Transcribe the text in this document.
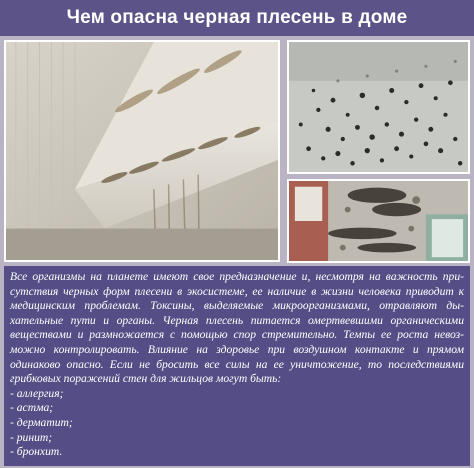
Чем опасна черная плесень в доме

Все организмы на планете имеют свое предназначение и, несмотря на важность при- сутствия черных форм плесени в экосистеме, ее наличие в жизни человека приводит к медицинским проблемам. Токсины, выделяемые микроорганизмами, отравляют ды- хательные пути и органы. Черная плесень питается омертвевшими органическими веществами и размножается с помощью спор стремительно. Темпы ее роста невоз- можно контролировать. Влияние на здоровье при воздушном контакте и прямом одинаково опасно. Если не бросить все силы на ее уничтожение, то последствиями грибковых поражений стен для жильцов могут быть:

- аллергия;
- астма;
- дерматит;
- ринит;
- бронхит.
